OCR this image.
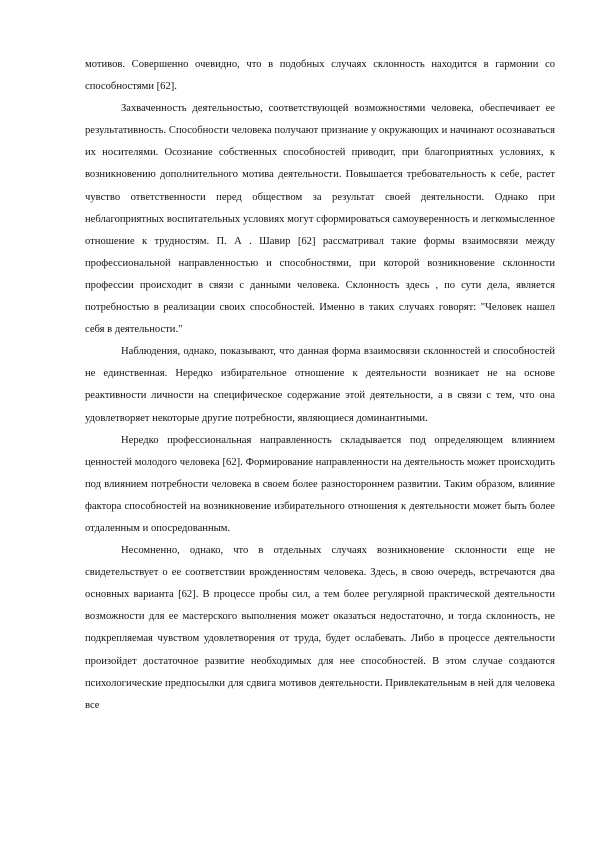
мотивов. Совершенно очевидно, что в подобных случаях склонность находится в гармонии со способностями [62].

Захваченность деятельностью, соответствующей возможностями человека, обеспечивает ее результативность. Способности человека получают признание у окружающих и начинают осознаваться их носителями. Осознание собственных способностей приводит, при благоприятных условиях, к возникновению дополнительного мотива деятельности. Повышается требовательность к себе, растет чувство ответственности перед обществом за результат своей деятельности. Однако при неблагоприятных воспитательных условиях могут сформироваться самоуверенность и легкомысленное отношение к трудностям. П. А . Шавир [62] рассматривал такие формы взаимосвязи между профессиональной направленностью и способностями, при которой возникновение склонности профессии происходит в связи с данными человека. Склонность здесь , по сути дела, является потребностью в реализации своих способностей. Именно в таких случаях говорят: "Человек нашел себя в деятельности."

Наблюдения, однако, показывают, что данная форма взаимосвязи склонностей и способностей не единственная. Нередко избирательное отношение к деятельности возникает не на основе реактивности личности на специфическое содержание этой деятельности, а в связи с тем, что она удовлетворяет некоторые другие потребности, являющиеся доминантными.

Нередко профессиональная направленность складывается под определяющем влиянием ценностей молодого человека [62]. Формирование направленности на деятельность может происходить под влиянием потребности человека в своем более разностороннем развитии. Таким образом, влияние фактора способностей на возникновение избирательного отношения к деятельности может быть более отдаленным и опосредованным.

Несомненно, однако, что в отдельных случаях возникновение склонности еще не свидетельствует о ее соответствии врожденностям человека. Здесь, в свою очередь, встречаются два основных варианта [62]. В процессе пробы сил, а тем более регулярной практической деятельности возможности для ее мастерского выполнения может оказаться недостаточно, и тогда склонность, не подкрепляемая чувством удовлетворения от труда, будет ослабевать. Либо в процессе деятельности произойдет достаточное развитие необходимых для нее способностей. В этом случае создаются психологические предпосылки для сдвига мотивов деятельности. Привлекательным в ней для человека все
